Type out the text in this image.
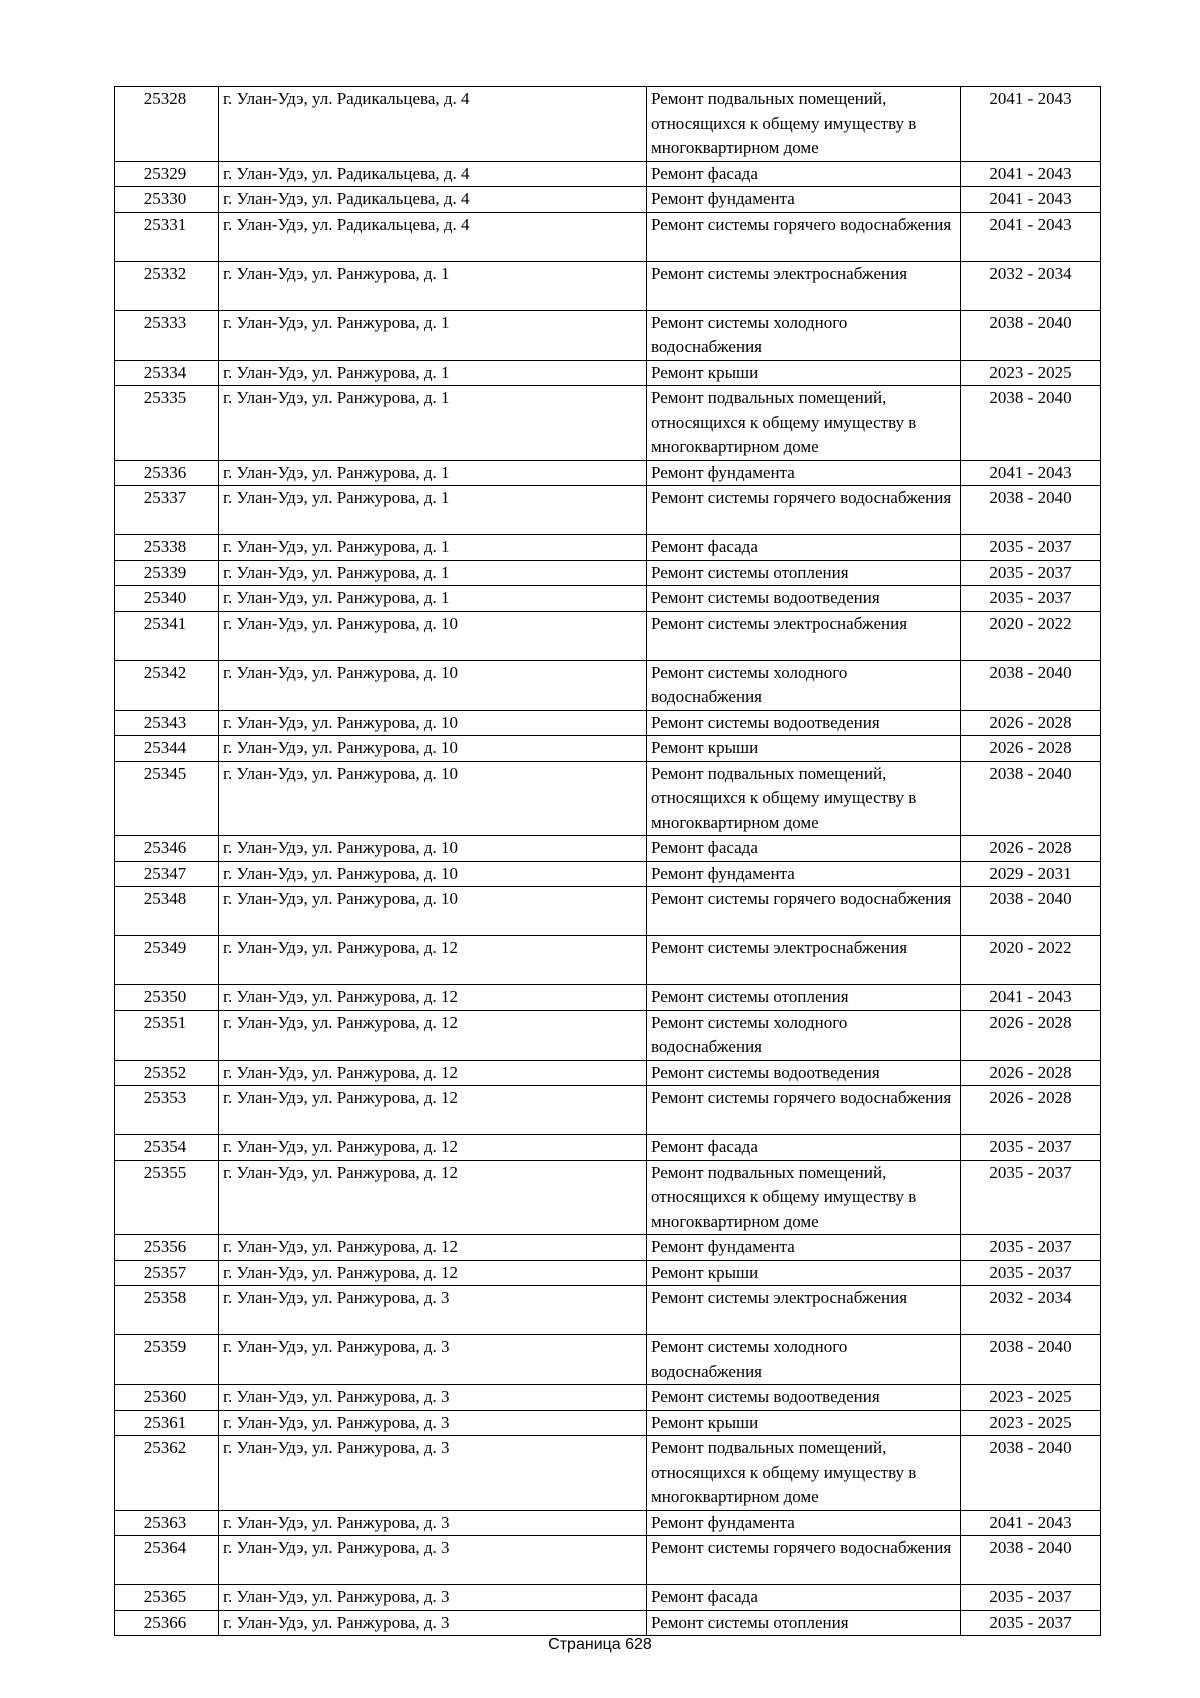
25328	г. Улан-Удэ, ул. Радикальцева, д. 4	Ремонт подвальных помещений, относящихся к общему имуществу в многоквартирном доме	2041 - 2043
25329	г. Улан-Удэ, ул. Радикальцева, д. 4	Ремонт фасада	2041 - 2043
25330	г. Улан-Удэ, ул. Радикальцева, д. 4	Ремонт фундамента	2041 - 2043
25331	г. Улан-Удэ, ул. Радикальцева, д. 4	Ремонт системы горячего водоснабжения	2041 - 2043
25332	г. Улан-Удэ, ул. Ранжурова, д. 1	Ремонт системы электроснабжения	2032 - 2034
25333	г. Улан-Удэ, ул. Ранжурова, д. 1	Ремонт системы холодного водоснабжения	2038 - 2040
25334	г. Улан-Удэ, ул. Ранжурова, д. 1	Ремонт крыши	2023 - 2025
25335	г. Улан-Удэ, ул. Ранжурова, д. 1	Ремонт подвальных помещений, относящихся к общему имуществу в многоквартирном доме	2038 - 2040
25336	г. Улан-Удэ, ул. Ранжурова, д. 1	Ремонт фундамента	2041 - 2043
25337	г. Улан-Удэ, ул. Ранжурова, д. 1	Ремонт системы горячего водоснабжения	2038 - 2040
25338	г. Улан-Удэ, ул. Ранжурова, д. 1	Ремонт фасада	2035 - 2037
25339	г. Улан-Удэ, ул. Ранжурова, д. 1	Ремонт системы отопления	2035 - 2037
25340	г. Улан-Удэ, ул. Ранжурова, д. 1	Ремонт системы водоотведения	2035 - 2037
25341	г. Улан-Удэ, ул. Ранжурова, д. 10	Ремонт системы электроснабжения	2020 - 2022
25342	г. Улан-Удэ, ул. Ранжурова, д. 10	Ремонт системы холодного водоснабжения	2038 - 2040
25343	г. Улан-Удэ, ул. Ранжурова, д. 10	Ремонт системы водоотведения	2026 - 2028
25344	г. Улан-Удэ, ул. Ранжурова, д. 10	Ремонт крыши	2026 - 2028
25345	г. Улан-Удэ, ул. Ранжурова, д. 10	Ремонт подвальных помещений, относящихся к общему имуществу в многоквартирном доме	2038 - 2040
25346	г. Улан-Удэ, ул. Ранжурова, д. 10	Ремонт фасада	2026 - 2028
25347	г. Улан-Удэ, ул. Ранжурова, д. 10	Ремонт фундамента	2029 - 2031
25348	г. Улан-Удэ, ул. Ранжурова, д. 10	Ремонт системы горячего водоснабжения	2038 - 2040
25349	г. Улан-Удэ, ул. Ранжурова, д. 12	Ремонт системы электроснабжения	2020 - 2022
25350	г. Улан-Удэ, ул. Ранжурова, д. 12	Ремонт системы отопления	2041 - 2043
25351	г. Улан-Удэ, ул. Ранжурова, д. 12	Ремонт системы холодного водоснабжения	2026 - 2028
25352	г. Улан-Удэ, ул. Ранжурова, д. 12	Ремонт системы водоотведения	2026 - 2028
25353	г. Улан-Удэ, ул. Ранжурова, д. 12	Ремонт системы горячего водоснабжения	2026 - 2028
25354	г. Улан-Удэ, ул. Ранжурова, д. 12	Ремонт фасада	2035 - 2037
25355	г. Улан-Удэ, ул. Ранжурова, д. 12	Ремонт подвальных помещений, относящихся к общему имуществу в многоквартирном доме	2035 - 2037
25356	г. Улан-Удэ, ул. Ранжурова, д. 12	Ремонт фундамента	2035 - 2037
25357	г. Улан-Удэ, ул. Ранжурова, д. 12	Ремонт крыши	2035 - 2037
25358	г. Улан-Удэ, ул. Ранжурова, д. 3	Ремонт системы электроснабжения	2032 - 2034
25359	г. Улан-Удэ, ул. Ранжурова, д. 3	Ремонт системы холодного водоснабжения	2038 - 2040
25360	г. Улан-Удэ, ул. Ранжурова, д. 3	Ремонт системы водоотведения	2023 - 2025
25361	г. Улан-Удэ, ул. Ранжурова, д. 3	Ремонт крыши	2023 - 2025
25362	г. Улан-Удэ, ул. Ранжурова, д. 3	Ремонт подвальных помещений, относящихся к общему имуществу в многоквартирном доме	2038 - 2040
25363	г. Улан-Удэ, ул. Ранжурова, д. 3	Ремонт фундамента	2041 - 2043
25364	г. Улан-Удэ, ул. Ранжурова, д. 3	Ремонт системы горячего водоснабжения	2038 - 2040
25365	г. Улан-Удэ, ул. Ранжурова, д. 3	Ремонт фасада	2035 - 2037
25366	г. Улан-Удэ, ул. Ранжурова, д. 3	Ремонт системы отопления	2035 - 2037
Страница 628
